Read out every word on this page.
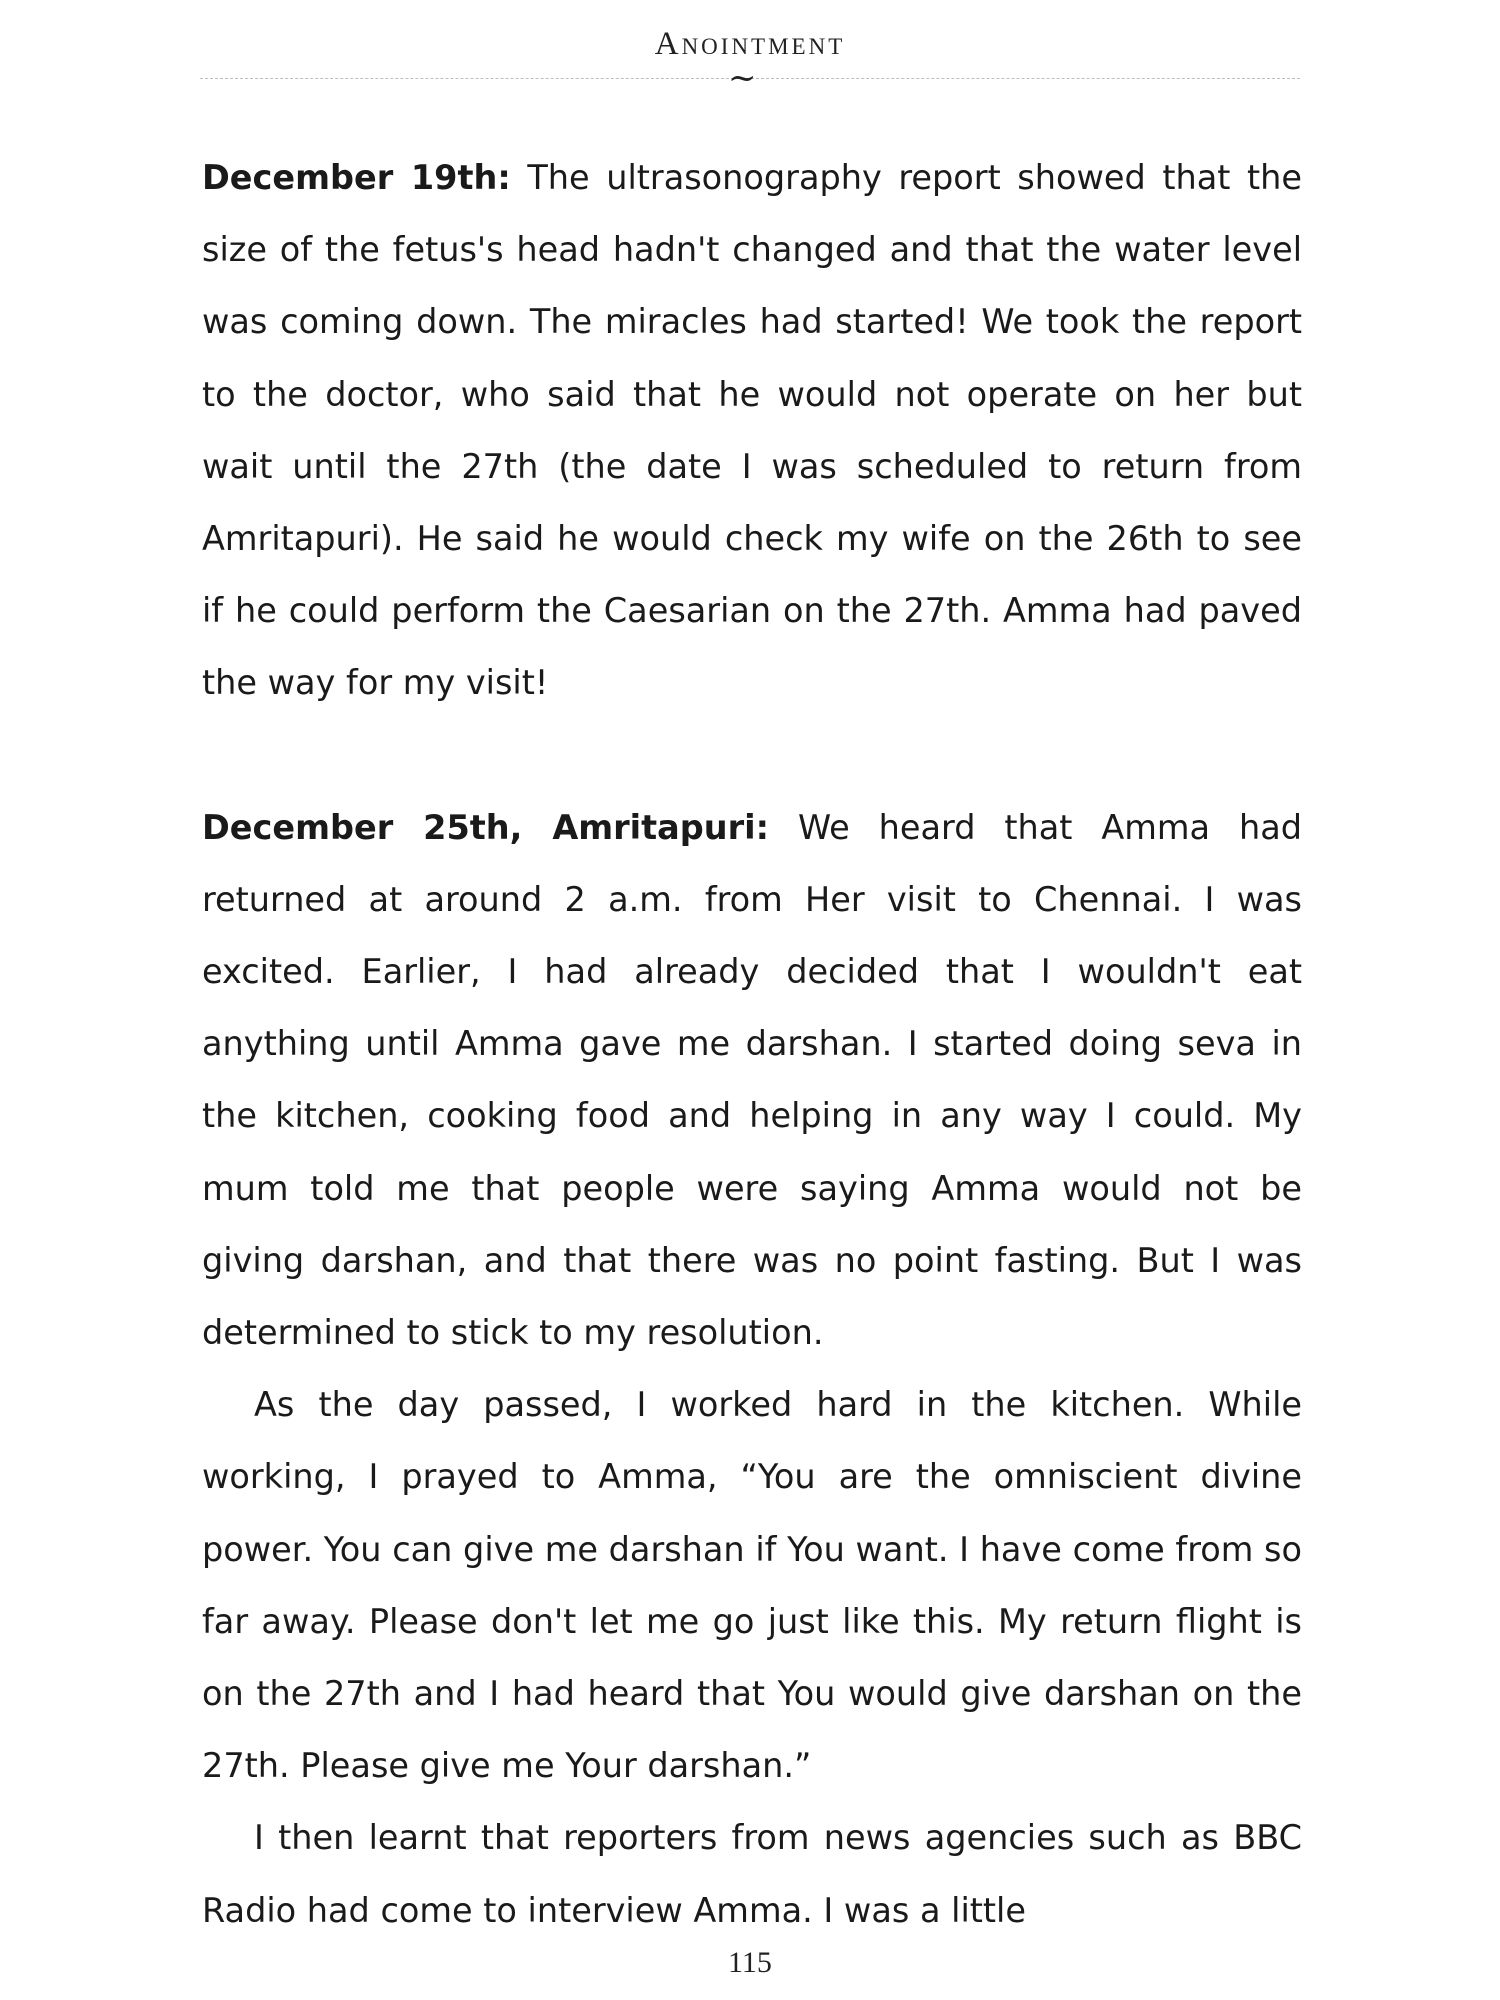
Anointment
~

December 19th: The ultrasonography report showed that the size of the fetus's head hadn't changed and that the water level was coming down. The miracles had started! We took the report to the doctor, who said that he would not operate on her but wait until the 27th (the date I was scheduled to return from Amritapuri). He said he would check my wife on the 26th to see if he could perform the Caesarian on the 27th. Amma had paved the way for my visit!

December 25th, Amritapuri: We heard that Amma had returned at around 2 a.m. from Her visit to Chennai. I was excited. Earlier, I had already decided that I wouldn't eat anything until Amma gave me darshan. I started doing seva in the kitchen, cooking food and helping in any way I could. My mum told me that people were saying Amma would not be giving darshan, and that there was no point fasting. But I was determined to stick to my resolution.

As the day passed, I worked hard in the kitchen. While working, I prayed to Amma, “You are the omniscient divine power. You can give me darshan if You want. I have come from so far away. Please don't let me go just like this. My return flight is on the 27th and I had heard that You would give darshan on the 27th. Please give me Your darshan.”

I then learnt that reporters from news agencies such as BBC Radio had come to interview Amma. I was a little

115
